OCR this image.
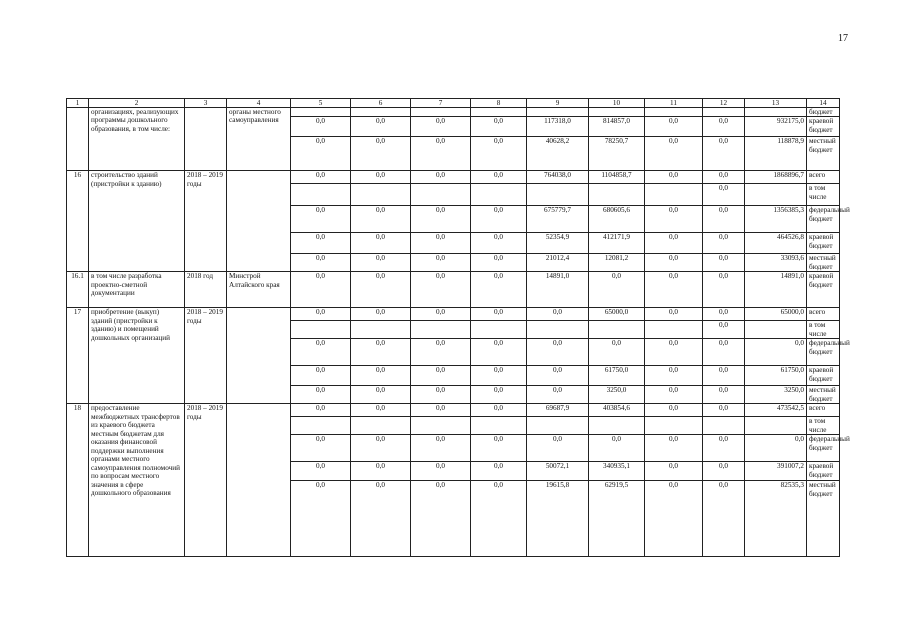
17
1	2	3	4	5	6	7	8	9	10	11	12	13	14
	организациях, реализующих программы дошкольного образования, в том числе:		органы местного самоуправления										бюджет
				0,0	0,0	0,0	0,0	117318,0	814857,0	0,0	0,0	932175,0	краевой бюджет
				0,0	0,0	0,0	0,0	40628,2	78250,7	0,0	0,0	118878,9	местный бюджет
16	строительство зданий (пристройки к зданию)	2018 – 2019 годы		0,0	0,0	0,0	0,0	764038,0	1104858,7	0,0	0,0	1868896,7	всего
											0,0		в том числе
				0,0	0,0	0,0	0,0	675779,7	680605,6	0,0	0,0	1356385,3	федеральный бюджет
				0,0	0,0	0,0	0,0	52354,9	412171,9	0,0	0,0	464526,8	краевой бюджет
				0,0	0,0	0,0	0,0	21012,4	12081,2	0,0	0,0	33093,6	местный бюджет
16.1	в том числе разработка проектно-сметной документации	2018 год	Минстрой Алтайского края	0,0	0,0	0,0	0,0	14891,0	0,0	0,0	0,0	14891,0	краевой бюджет
17	приобретение (выкуп) зданий (пристройки к зданию) и помещений дошкольных организаций	2018 – 2019 годы		0,0	0,0	0,0	0,0	0,0	65000,0	0,0	0,0	65000,0	всего
											0,0		в том числе
				0,0	0,0	0,0	0,0	0,0	0,0	0,0	0,0	0,0	федеральный бюджет
				0,0	0,0	0,0	0,0	0,0	61750,0	0,0	0,0	61750,0	краевой бюджет
				0,0	0,0	0,0	0,0	0,0	3250,0	0,0	0,0	3250,0	местный бюджет
18	предоставление межбюджетных трансфертов из краевого бюджета местным бюджетам для оказания финансовой поддержки выполнения органами местного самоуправления полномочий по вопросам местного значения в сфере дошкольного образования	2018 – 2019 годы		0,0	0,0	0,0	0,0	69687,9	403854,6	0,0	0,0	473542,5	всего
													в том числе
				0,0	0,0	0,0	0,0	0,0	0,0	0,0	0,0	0,0	федеральный бюджет
				0,0	0,0	0,0	0,0	50072,1	340935,1	0,0	0,0	391007,2	краевой бюджет
				0,0	0,0	0,0	0,0	19615,8	62919,5	0,0	0,0	82535,3	местный бюджет
